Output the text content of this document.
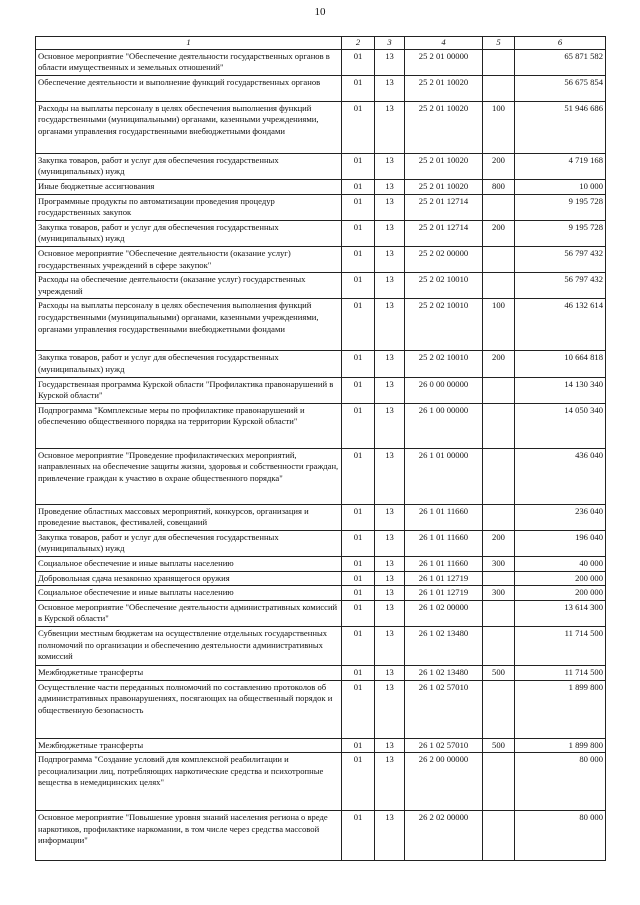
10
1	2	3	4	5	6
Основное мероприятие "Обеспечение деятельности государственных органов в области имущественных и земельных отношений"	01	13	25 2 01 00000		65 871 582
Обеспечение деятельности и выполнение функций государственных органов	01	13	25 2 01 10020		56 675 854
Расходы на выплаты персоналу в целях обеспечения выполнения функций государственными (муниципальными) органами, казенными учреждениями, органами управления государственными внебюджетными фондами	01	13	25 2 01 10020	100	51 946 686
Закупка товаров, работ и услуг для обеспечения государственных (муниципальных) нужд	01	13	25 2 01 10020	200	4 719 168
Иные бюджетные ассигнования	01	13	25 2 01 10020	800	10 000
Программные продукты по автоматизации проведения процедур государственных закупок	01	13	25 2 01 12714		9 195 728
Закупка товаров, работ и услуг для обеспечения государственных (муниципальных) нужд	01	13	25 2 01 12714	200	9 195 728
Основное мероприятие "Обеспечение деятельности (оказание услуг) государственных учреждений в сфере закупок"	01	13	25 2 02 00000		56 797 432
Расходы на обеспечение деятельности (оказание услуг) государственных учреждений	01	13	25 2 02 10010		56 797 432
Расходы на выплаты персоналу в целях обеспечения выполнения функций государственными (муниципальными) органами, казенными учреждениями, органами управления государственными внебюджетными фондами	01	13	25 2 02 10010	100	46 132 614
Закупка товаров, работ и услуг для обеспечения государственных (муниципальных) нужд	01	13	25 2 02 10010	200	10 664 818
Государственная программа Курской области "Профилактика правонарушений в Курской области"	01	13	26 0 00 00000		14 130 340
Подпрограмма "Комплексные меры по профилактике правонарушений и обеспечению общественного порядка на территории Курской области"	01	13	26 1 00 00000		14 050 340
Основное мероприятие "Проведение профилактических мероприятий, направленных на обеспечение защиты жизни, здоровья и собственности граждан, привлечение граждан к участию в охране общественного порядка"	01	13	26 1 01 00000		436 040
Проведение областных массовых мероприятий, конкурсов, организация и проведение выставок, фестивалей, совещаний	01	13	26 1 01 11660		236 040
Закупка товаров, работ и услуг для обеспечения государственных (муниципальных) нужд	01	13	26 1 01 11660	200	196 040
Социальное обеспечение и иные выплаты населению	01	13	26 1 01 11660	300	40 000
Добровольная сдача незаконно хранящегося оружия	01	13	26 1 01 12719		200 000
Социальное обеспечение и иные выплаты населению	01	13	26 1 01 12719	300	200 000
Основное мероприятие "Обеспечение деятельности административных комиссий в Курской области"	01	13	26 1 02 00000		13 614 300
Субвенции местным бюджетам на осуществление отдельных государственных полномочий по организации и обеспечению деятельности административных комиссий	01	13	26 1 02 13480		11 714 500
Межбюджетные трансферты	01	13	26 1 02 13480	500	11 714 500
Осуществление части переданных полномочий по составлению протоколов об административных правонарушениях, посягающих на общественный порядок и общественную безопасность	01	13	26 1 02 57010		1 899 800
Межбюджетные трансферты	01	13	26 1 02 57010	500	1 899 800
Подпрограмма "Создание условий для комплексной реабилитации и ресоциализации лиц, потребляющих наркотические средства и психотропные вещества в немедицинских целях"	01	13	26 2 00 00000		80 000
Основное мероприятие "Повышение уровня знаний населения региона о вреде наркотиков, профилактике наркомании, в том числе через средства массовой информации"	01	13	26 2 02 00000		80 000
